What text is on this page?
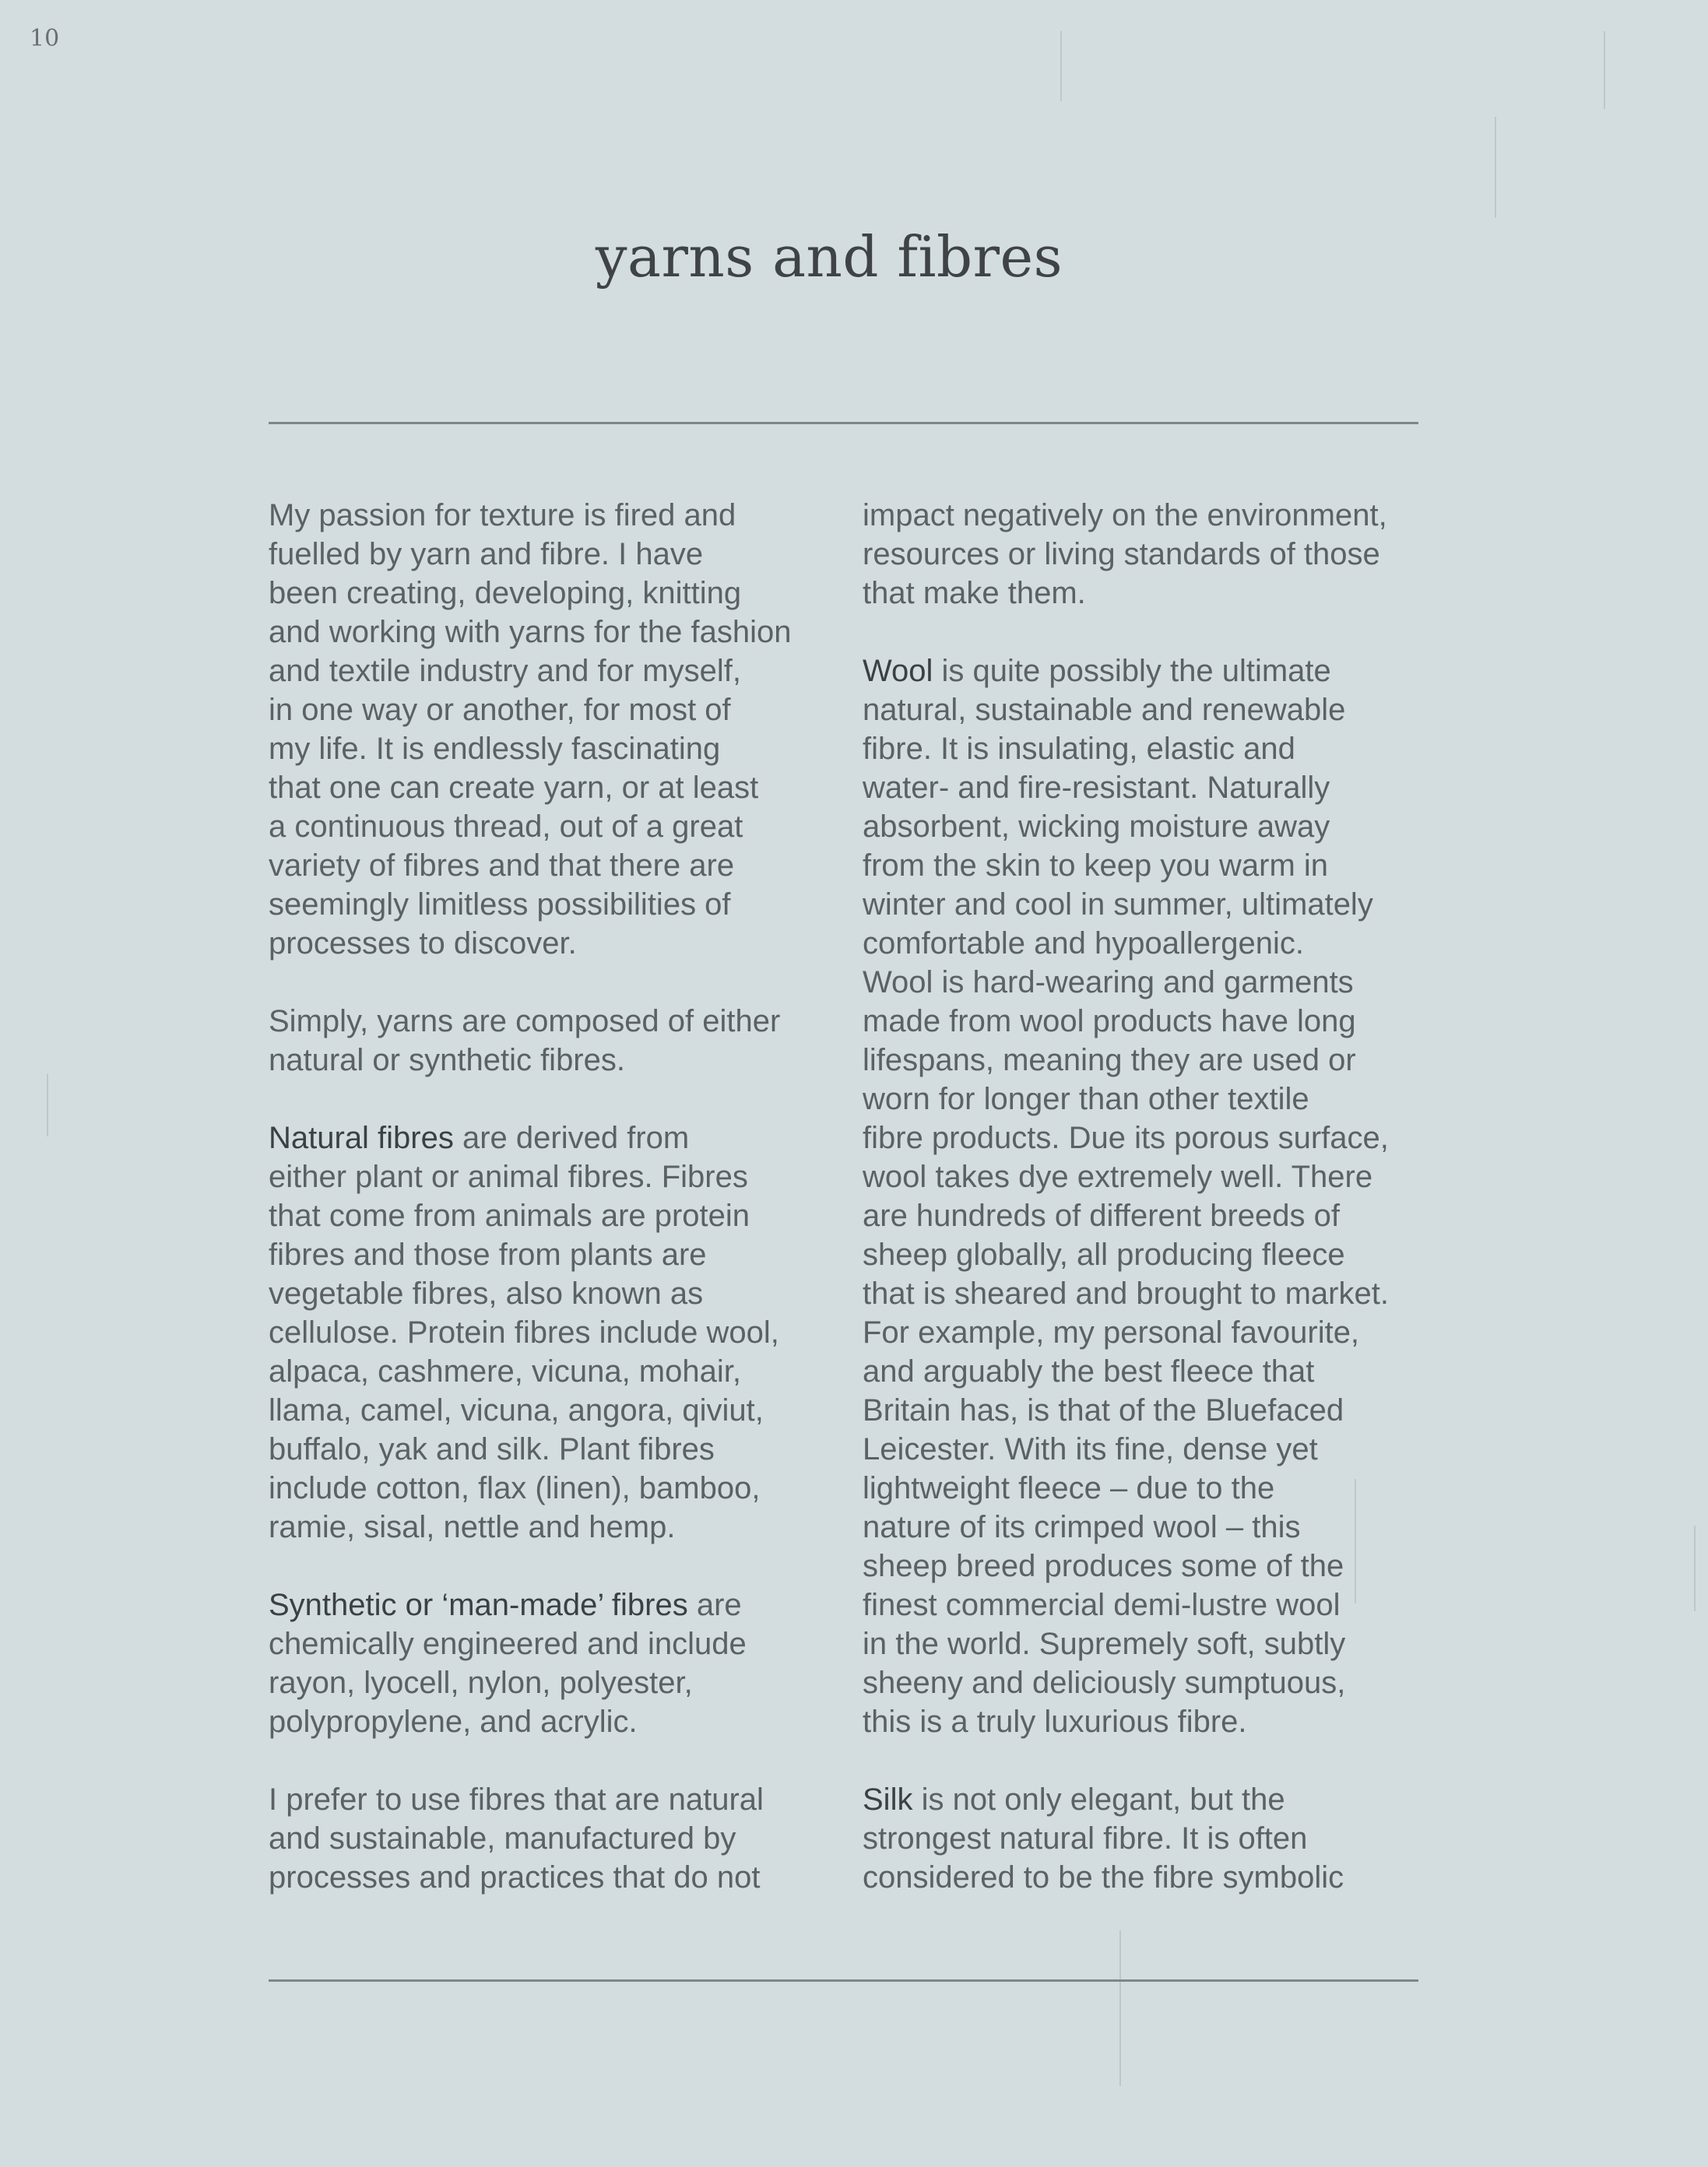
10
yarns and fibres
My passion for texture is fired and
fuelled by yarn and fibre. I have
been creating, developing, knitting
and working with yarns for the fashion
and textile industry and for myself,
in one way or another, for most of
my life. It is endlessly fascinating
that one can create yarn, or at least
a continuous thread, out of a great
variety of fibres and that there are
seemingly limitless possibilities of
processes to discover.
Simply, yarns are composed of either
natural or synthetic fibres.
Natural fibres are derived from
either plant or animal fibres. Fibres
that come from animals are protein
fibres and those from plants are
vegetable fibres, also known as
cellulose. Protein fibres include wool,
alpaca, cashmere, vicuna, mohair,
llama, camel, vicuna, angora, qiviut,
buffalo, yak and silk. Plant fibres
include cotton, flax (linen), bamboo,
ramie, sisal, nettle and hemp.
Synthetic or ‘man-made’ fibres are
chemically engineered and include
rayon, lyocell, nylon, polyester,
polypropylene, and acrylic.
I prefer to use fibres that are natural
and sustainable, manufactured by
processes and practices that do not
impact negatively on the environment,
resources or living standards of those
that make them.
Wool is quite possibly the ultimate
natural, sustainable and renewable
fibre. It is insulating, elastic and
water- and fire-resistant. Naturally
absorbent, wicking moisture away
from the skin to keep you warm in
winter and cool in summer, ultimately
comfortable and hypoallergenic.
Wool is hard-wearing and garments
made from wool products have long
lifespans, meaning they are used or
worn for longer than other textile
fibre products. Due its porous surface,
wool takes dye extremely well. There
are hundreds of different breeds of
sheep globally, all producing fleece
that is sheared and brought to market.
For example, my personal favourite,
and arguably the best fleece that
Britain has, is that of the Bluefaced
Leicester. With its fine, dense yet
lightweight fleece – due to the
nature of its crimped wool – this
sheep breed produces some of the
finest commercial demi-lustre wool
in the world. Supremely soft, subtly
sheeny and deliciously sumptuous,
this is a truly luxurious fibre.
Silk is not only elegant, but the
strongest natural fibre. It is often
considered to be the fibre symbolic
